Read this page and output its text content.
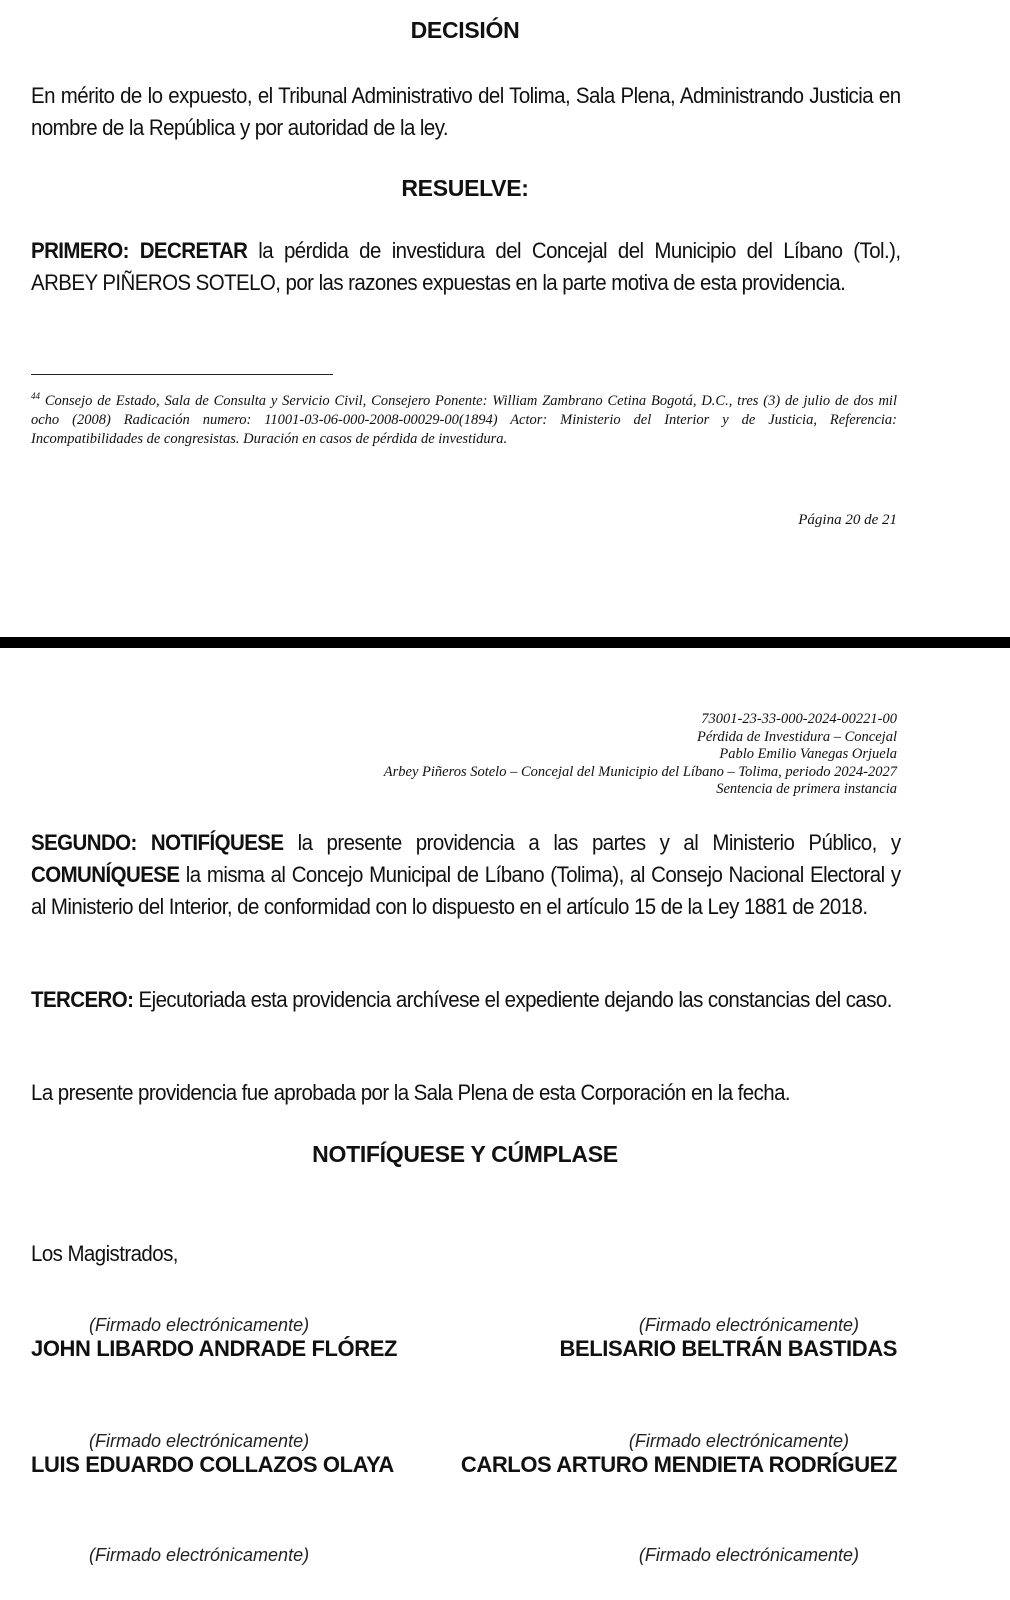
DECISIÓN
En mérito de lo expuesto, el Tribunal Administrativo del Tolima, Sala Plena, Administrando Justicia en nombre de la República y por autoridad de la ley.
RESUELVE:
PRIMERO: DECRETAR la pérdida de investidura del Concejal del Municipio del Líbano (Tol.), ARBEY PIÑEROS SOTELO, por las razones expuestas en la parte motiva de esta providencia.
$^{44}$ Consejo de Estado, Sala de Consulta y Servicio Civil, Consejero Ponente: William Zambrano Cetina Bogotá, D.C., tres (3) de julio de dos mil ocho (2008) Radicación numero: 11001-03-06-000-2008-00029-00(1894) Actor: Ministerio del Interior y de Justicia, Referencia: Incompatibilidades de congresistas. Duración en casos de pérdida de investidura.
Página 20 de 21
73001-23-33-000-2024-00221-00
Pérdida de Investidura – Concejal
Pablo Emilio Vanegas Orjuela
Arbey Piñeros Sotelo – Concejal del Municipio del Líbano – Tolima, periodo 2024-2027
Sentencia de primera instancia
SEGUNDO: NOTIFÍQUESE la presente providencia a las partes y al Ministerio Público, y COMUNÍQUESE la misma al Concejo Municipal de Líbano (Tolima), al Consejo Nacional Electoral y al Ministerio del Interior, de conformidad con lo dispuesto en el artículo 15 de la Ley 1881 de 2018.
TERCERO: Ejecutoriada esta providencia archívese el expediente dejando las constancias del caso.
La presente providencia fue aprobada por la Sala Plena de esta Corporación en la fecha.
NOTIFÍQUESE Y CÚMPLASE
Los Magistrados,
(Firmado electrónicamente)
JOHN LIBARDO ANDRADE FLÓREZ
(Firmado electrónicamente)
BELISARIO BELTRÁN BASTIDAS
(Firmado electrónicamente)
LUIS EDUARDO COLLAZOS OLAYA
(Firmado electrónicamente)
CARLOS ARTURO MENDIETA RODRÍGUEZ
(Firmado electrónicamente)	(Firmado electrónicamente)
